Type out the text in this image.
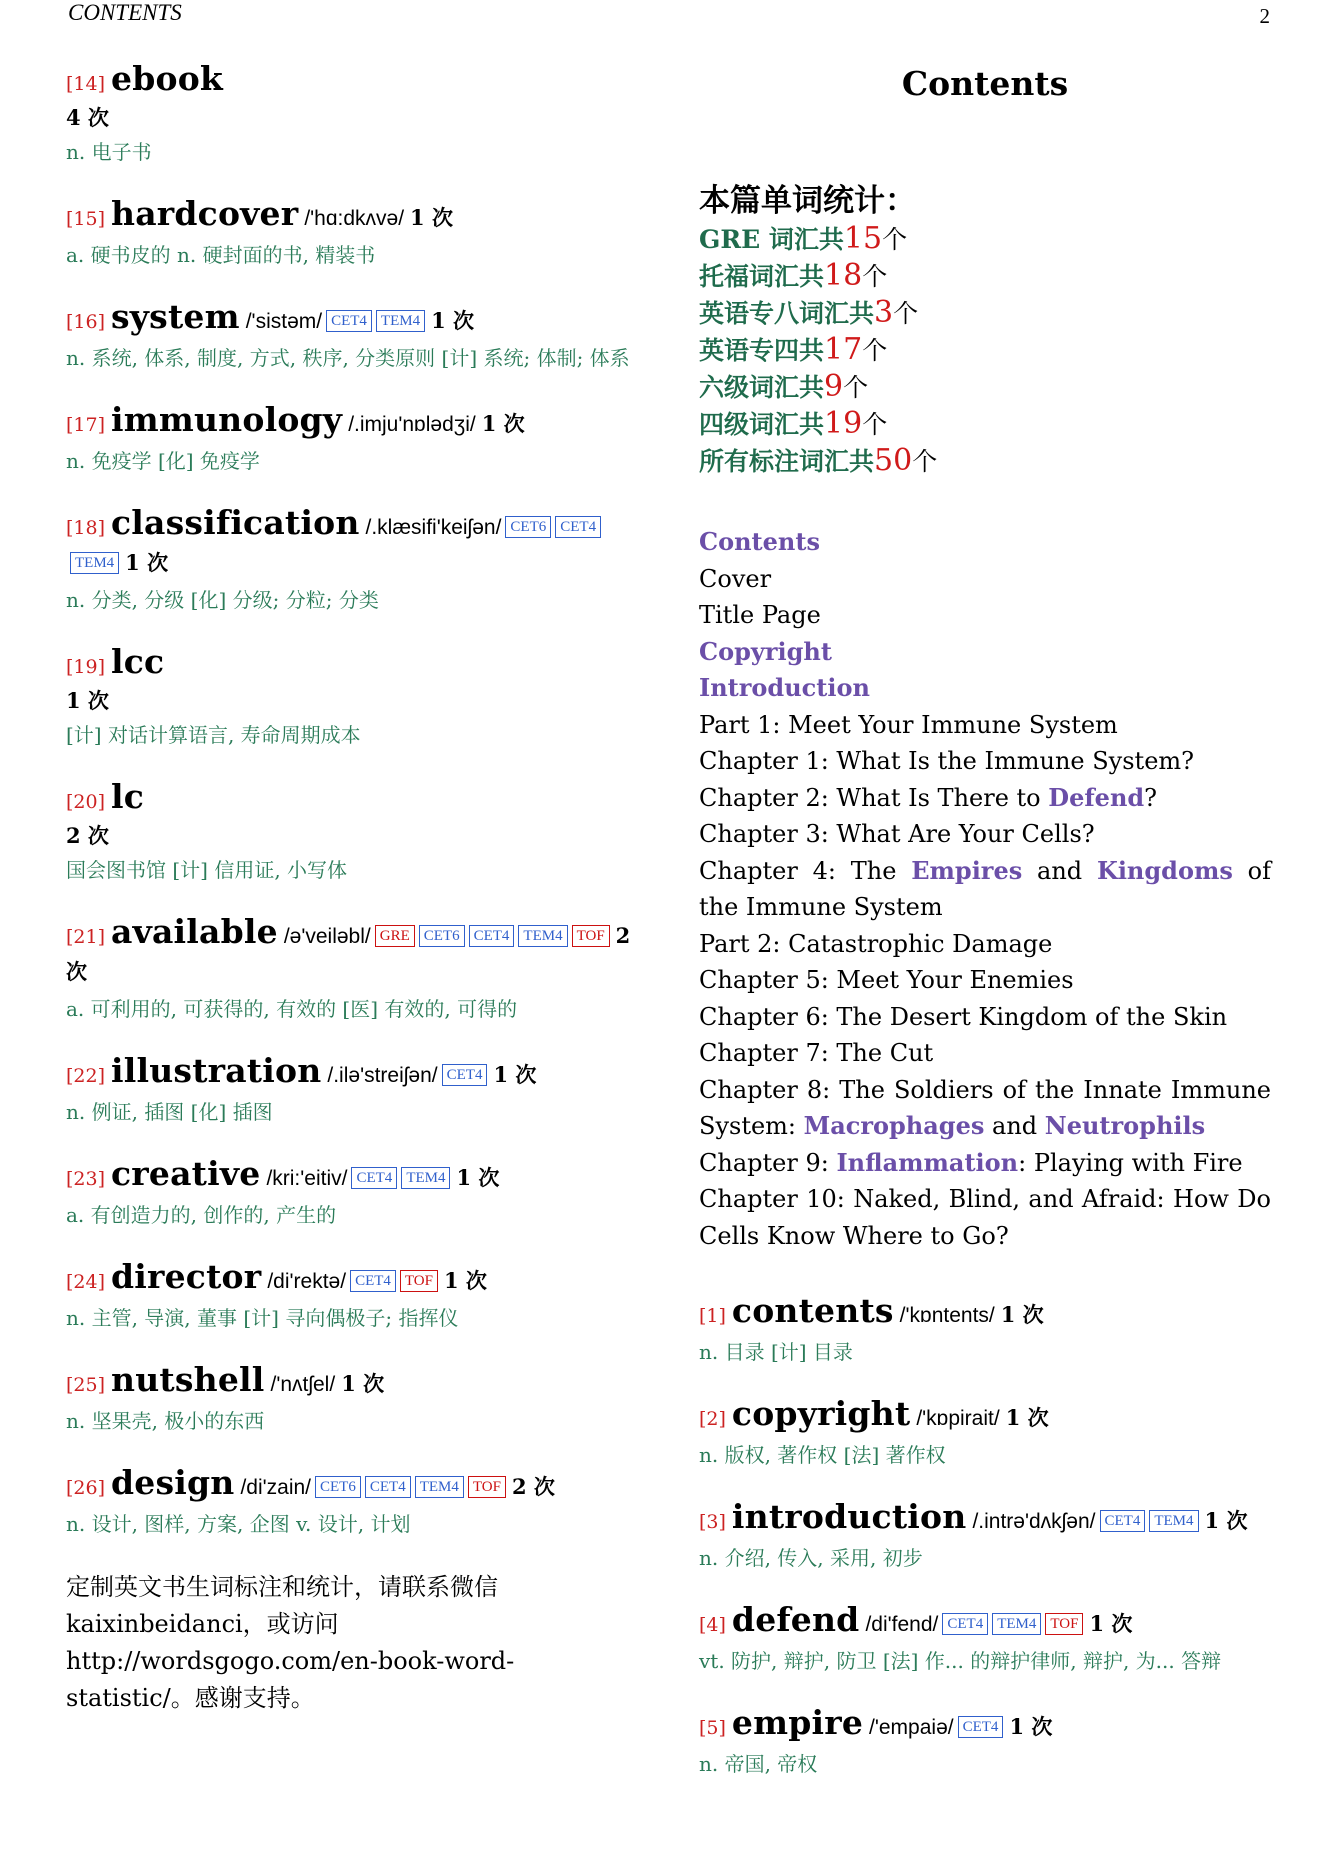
CONTENTS	2
[14] ebook
4 次
n. 电子书
[15] hardcover /'hɑ:dkʌvə/ 1 次
a. 硬书皮的 n. 硬封面的书, 精装书
[16] system /'sistəm/ CET4 TEM4 1 次
n. 系统, 体系, 制度, 方式, 秩序, 分类原则 [计] 系统; 体制; 体系
[17] immunology /.imju'nɒlədʒi/ 1 次
n. 免疫学 [化] 免疫学
[18] classification /.klæsifi'keiʃən/ CET6 CET4TEM4 1 次
n. 分类, 分级 [化] 分级; 分粒; 分类
[19] lcc
1 次
[计] 对话计算语言, 寿命周期成本
[20] lc
2 次
国会图书馆 [计] 信用证, 小写体
[21] available /ə'veiləbl/ GRE CET6 CET4 TEM4 TOF 2 次
a. 可利用的, 可获得的, 有效的 [医] 有效的, 可得的
[22] illustration /.ilə'streiʃən/ CET4 1 次
n. 例证, 插图 [化] 插图
[23] creative /kri:'eitiv/ CET4 TEM4 1 次
a. 有创造力的, 创作的, 产生的
[24] director /di'rektə/ CET4 TOF 1 次
n. 主管, 导演, 董事 [计] 寻向偶极子; 指挥仪
[25] nutshell /'nʌtʃel/ 1 次
n. 坚果壳, 极小的东西
[26] design /di'zain/ CET6 CET4 TEM4 TOF 2 次
n. 设计, 图样, 方案, 企图 v. 设计, 计划
定制英文书生词标注和统计，请联系微信 kaixinbeidanci，或访问 http://wordsgogo.com/en-book-word-statistic/。感谢支持。
Contents
本篇单词统计：
GRE 词汇共15个
托福词汇共18个
英语专八词汇共3个
英语专四共17个
六级词汇共9个
四级词汇共19个
所有标注词汇共50个
Contents
Cover
Title Page
Copyright
Introduction
Part 1: Meet Your Immune System
Chapter 1: What Is the Immune System?
Chapter 2: What Is There to Defend?
Chapter 3: What Are Your Cells?
Chapter 4: The Empires and Kingdoms of the Immune System
Part 2: Catastrophic Damage
Chapter 5: Meet Your Enemies
Chapter 6: The Desert Kingdom of the Skin
Chapter 7: The Cut
Chapter 8: The Soldiers of the Innate Immune System: Macrophages and Neutrophils
Chapter 9: Inflammation: Playing with Fire
Chapter 10: Naked, Blind, and Afraid: How Do Cells Know Where to Go?
[1] contents /'kɒntents/ 1 次
n. 目录 [计] 目录
[2] copyright /'kɒpirait/ 1 次
n. 版权, 著作权 [法] 著作权
[3] introduction /.intrə'dʌkʃən/ CET4 TEM4 1 次
n. 介绍, 传入, 采用, 初步
[4] defend /di'fend/ CET4 TEM4 TOF 1 次
vt. 防护, 辩护, 防卫 [法] 作... 的辩护律师, 辩护, 为... 答辩
[5] empire /'empaiə/ CET4 1 次
n. 帝国, 帝权
